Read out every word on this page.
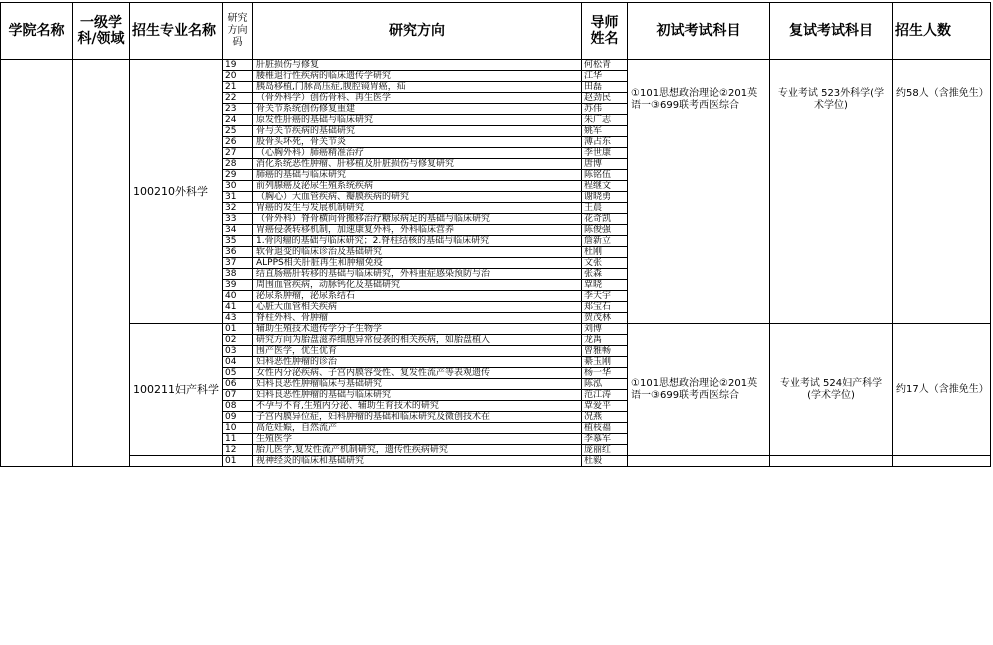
学院名称	一级学科/领域	招生专业名称	研究方向码	研究方向	导师姓名	初试考试科目	复试考试科目	招生人数
		100210外科学	19	肝脏损伤与修复	何松青	①101思想政治理论②201英语一③699联考西医综合	专业考试 523外科学(学术学位)	约58人（含推免生）
			20	腰椎退行性疾病的临床遗传学研究	江华			
			21	胰岛移植,门脉高压症,腹腔镜胃癌，疝	田磊			
			22	（骨外科学）创伤骨科、再生医学	赵劲民			
			23	骨关节系统创伤修复重建	苏伟			
			24	原发性肝癌的基础与临床研究	朱广志			
			25	骨与关节疾病的基础研究	姚军			
			26	股骨头坏死，骨关节炎	薄占东			
			27	（心胸外科）肺癌精准治疗	李世康			
			28	消化系统恶性肿瘤、肝移植及肝脏损伤与修复研究	唐博			
			29	肺癌的基础与临床研究	陈铭伍			
			30	前列腺癌及泌尿生殖系统疾病	程继文			
			31	（胸心）大血管疾病、瓣膜疾病的研究	谢晓勇			
			32	胃癌的发生与发展机制研究	王晨			
			33	（骨外科）脊骨横向骨搬移治疗糖尿病足的基础与临床研究	花奇凯			
			34	胃癌侵袭转移机制，加速康复外科，外科临床营养	陈俊强			
			35	1.骨肉瘤的基础与临床研究；2.脊柱结核的基础与临床研究	詹新立			
			36	软骨退变的临床诊治及基础研究	杜刚			
			37	ALPPS相关肝脏再生和肿瘤免疫	文张			
			38	结直肠癌肝转移的基础与临床研究，外科重症感染预防与治	张森			
			39	周围血管疾病，动脉钙化及基础研究	覃晓			
			40	泌尿系肿瘤，泌尿系结石	李天宇			
			41	心脏大血管相关疾病	郑宝石			
			43	脊柱外科、骨肿瘤	贺茂林			
		100211妇产科学	01	辅助生殖技术遗传学分子生物学	刘博	①101思想政治理论②201英语一③699联考西医综合	专业考试 524妇产科学(学术学位)	约17人（含推免生）
			02	研究方向为胎盘滋养细胞异常侵袭的相关疾病，如胎盘植入	龙禹			
			03	围产医学，优生优育	曾雅畅			
			04	妇科恶性肿瘤的诊治	綦玉刚			
			05	女性内分泌疾病、子宫内膜容受性、复发性流产等表观遗传	杨一华			
			06	妇科良恶性肿瘤临床与基础研究	陈泓			
			07	妇科良恶性肿瘤的基础与临床研究	范江涛			
			08	不孕与不育,生殖内分泌、辅助生育技术的研究	覃爱平			
			09	子宫内膜异位症，妇科肿瘤的基础和临床研究及微创技术在	况燕			
			10	高危妊娠，自然流产	植枝福			
			11	生殖医学	李慕军			
			12	胎儿医学,复发性流产机制研究，遗传性疾病研究	庞丽红			
			01	视神经炎的临床和基础研究	杜毅			
